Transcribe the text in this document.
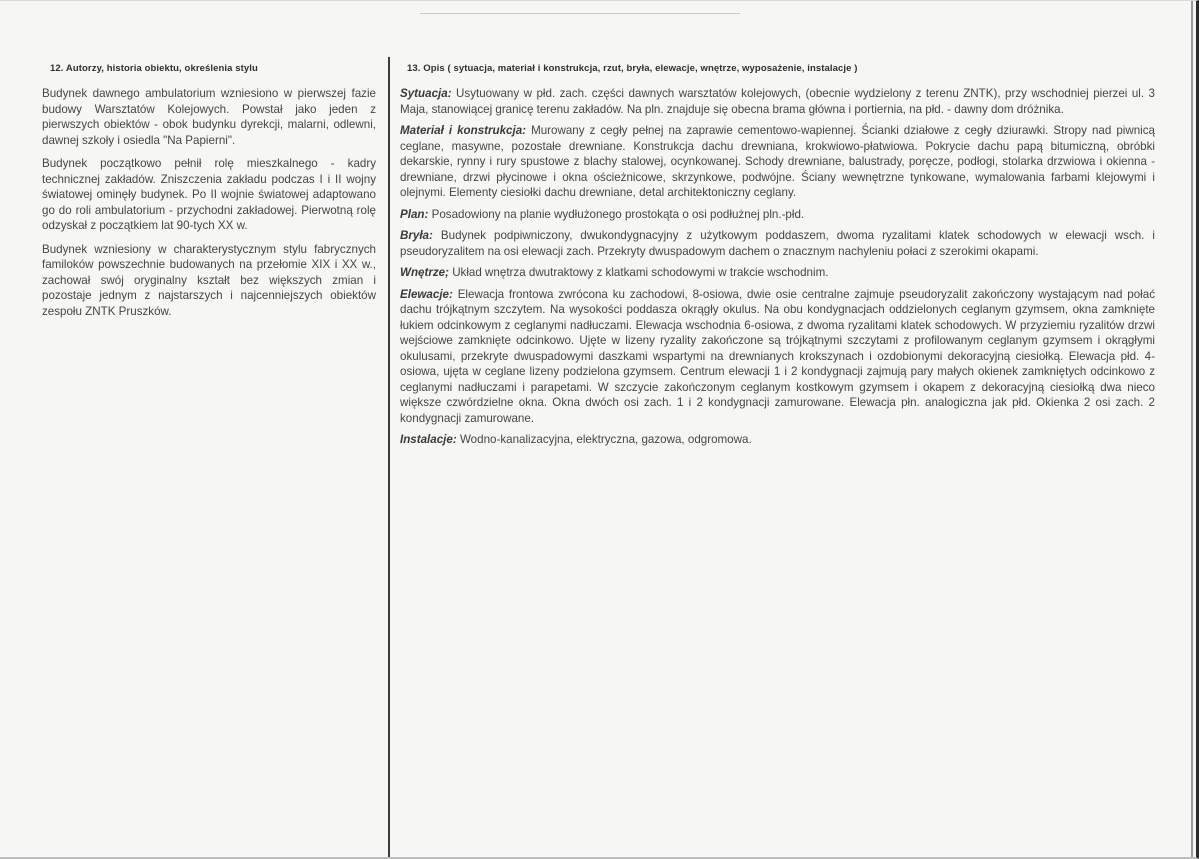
12. Autorzy, historia obiektu, określenia stylu

Budynek dawnego ambulatorium wzniesiono w pierwszej fazie budowy Warsztatów Kolejowych. Powstał jako jeden z pierwszych obiektów - obok budynku dyrekcji, malarni, odlewni, dawnej szkoły i osiedla "Na Papierni".

Budynek początkowo pełnił rolę mieszkalnego - kadry technicznej zakładów. Zniszczenia zakładu podczas I i II wojny światowej ominęły budynek. Po II wojnie światowej adaptowano go do roli ambulatorium - przychodni zakładowej. Pierwotną rolę odzyskał z początkiem lat 90-tych XX w.

Budynek wzniesiony w charakterystycznym stylu fabrycznych familoków powszechnie budowanych na przełomie XIX i XX w., zachował swój oryginalny kształt bez większych zmian i pozostaje jednym z najstarszych i najcenniejszych obiektów zespołu ZNTK Pruszków.

13. Opis ( sytuacja, materiał i konstrukcja, rzut, bryła, elewacje, wnętrze, wyposażenie, instalacje )

Sytuacja: Usytuowany w płd. zach. części dawnych warsztatów kolejowych, (obecnie wydzielony z terenu ZNTK), przy wschodniej pierzei ul. 3 Maja, stanowiącej granicę terenu zakładów. Na pln. znajduje się obecna brama główna i portiernia, na płd. - dawny dom dróżnika.

Materiał i konstrukcja: Murowany z cegły pełnej na zaprawie cementowo-wapiennej. Ścianki działowe z cegły dziurawki. Stropy nad piwnicą ceglane, masywne, pozostałe drewniane. Konstrukcja dachu drewniana, krokwiowo-płatwiowa. Pokrycie dachu papą bitumiczną, obróbki dekarskie, rynny i rury spustowe z blachy stalowej, ocynkowanej. Schody drewniane, balustrady, poręcze, podłogi, stolarka drzwiowa i okienna - drewniane, drzwi płycinowe i okna ościeżnicowe, skrzynkowe, podwójne. Ściany wewnętrzne tynkowane, wymalowania farbami klejowymi i olejnymi. Elementy ciesiołki dachu drewniane, detal architektoniczny ceglany.

Plan: Posadowiony na planie wydłużonego prostokąta o osi podłużnej pln.-płd.

Bryła: Budynek podpiwniczony, dwukondygnacyjny z użytkowym poddaszem, dwoma ryzalitami klatek schodowych w elewacji wsch. i pseudoryzalitem na osi elewacji zach. Przekryty dwuspadowym dachem o znacznym nachyleniu połaci z szerokimi okapami.

Wnętrze; Układ wnętrza dwutraktowy z klatkami schodowymi w trakcie wschodnim.

Elewacje: Elewacja frontowa zwrócona ku zachodowi, 8-osiowa, dwie osie centralne zajmuje pseudoryzalit zakończony wystającym nad połać dachu trójkątnym szczytem. Na wysokości poddasza okrągły okulus. Na obu kondygnacjach oddzielonych ceglanym gzymsem, okna zamknięte łukiem odcinkowym z ceglanymi nadłuczami. Elewacja wschodnia 6-osiowa, z dwoma ryzalitami klatek schodowych. W przyziemiu ryzalitów drzwi wejściowe zamknięte odcinkowo. Ujęte w lizeny ryzality zakończone są trójkątnymi szczytami z profilowanym ceglanym gzymsem i okrągłymi okulusami, przekryte dwuspadowymi daszkami wspartymi na drewnianych krokszynach i ozdobionymi dekoracyjną ciesiołką. Elewacja płd. 4-osiowa, ujęta w ceglane lizeny podzielona gzymsem. Centrum elewacji 1 i 2 kondygnacji zajmują pary małych okienek zamkniętych odcinkowo z ceglanymi nadłuczami i parapetami. W szczycie zakończonym ceglanym kostkowym gzymsem i okapem z dekoracyjną ciesiołką dwa nieco większe czwórdzielne okna. Okna dwóch osi zach. 1 i 2 kondygnacji zamurowane. Elewacja płn. analogiczna jak płd. Okienka 2 osi zach. 2 kondygnacji zamurowane.

Instalacje: Wodno-kanalizacyjna, elektryczna, gazowa, odgromowa.
